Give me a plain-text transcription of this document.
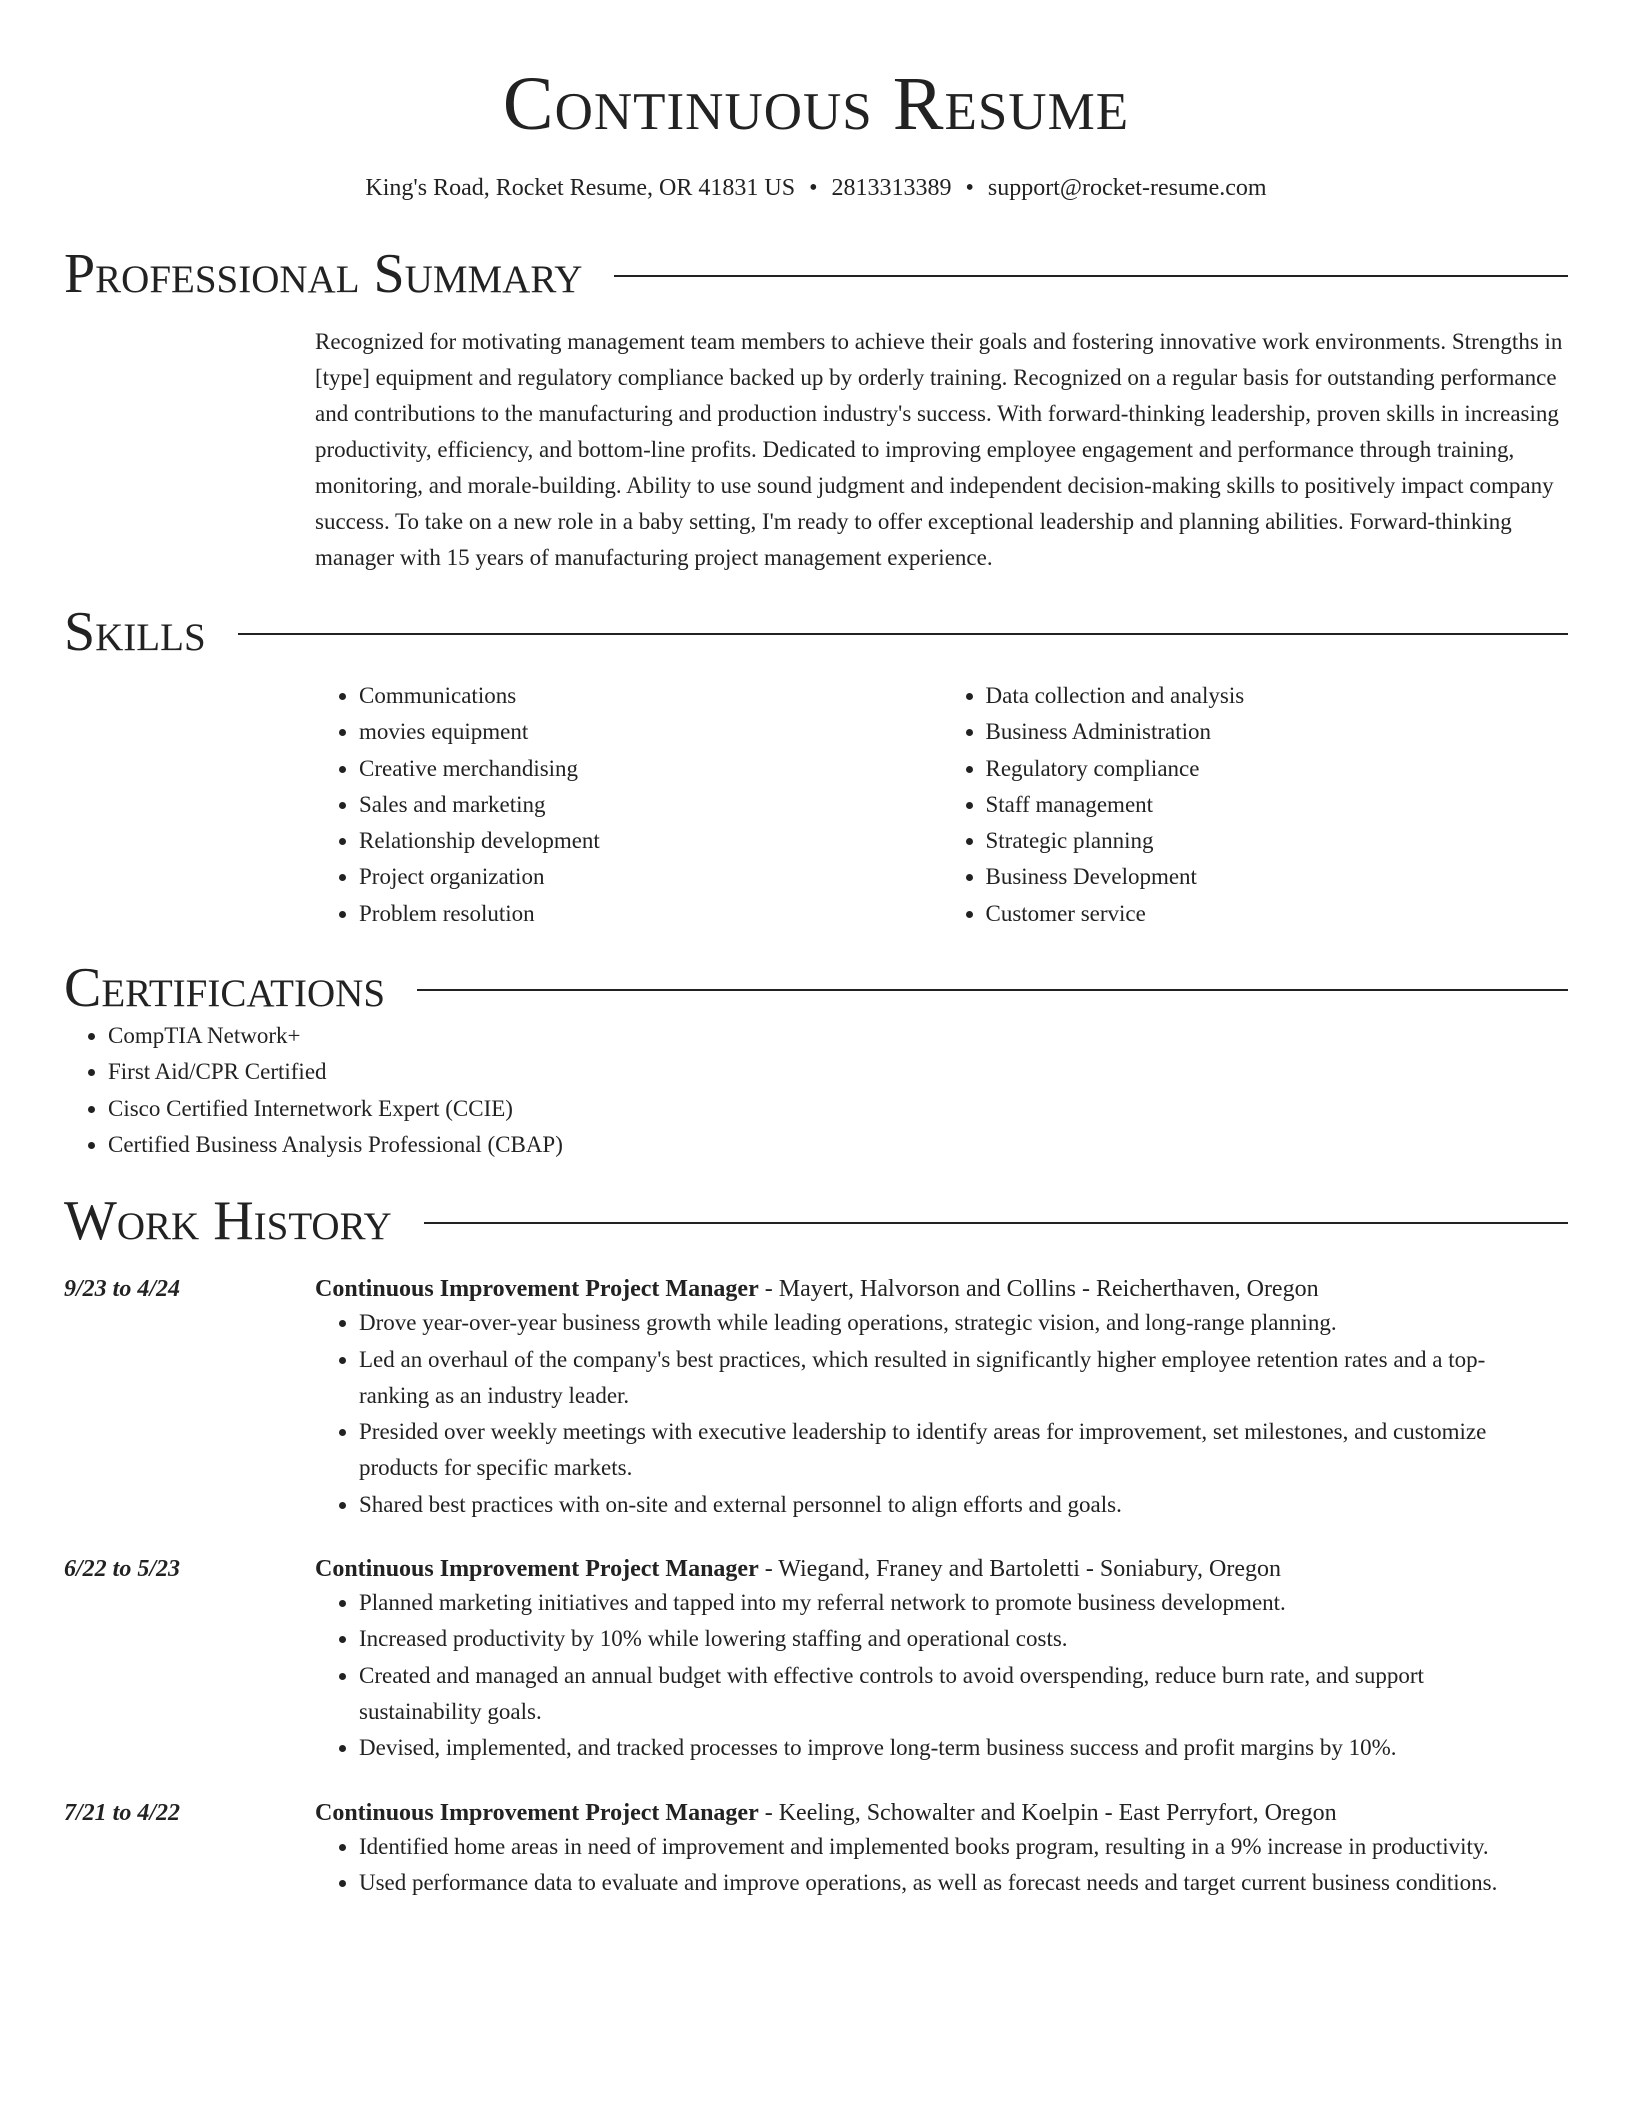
Continuous Resume
King's Road, Rocket Resume, OR 41831 US • 2813313389 • support@rocket-resume.com
Professional Summary

Recognized for motivating management team members to achieve their goals and fostering innovative work environments. Strengths in [type] equipment and regulatory compliance backed up by orderly training. Recognized on a regular basis for outstanding performance and contributions to the manufacturing and production industry's success. With forward-thinking leadership, proven skills in increasing productivity, efficiency, and bottom-line profits. Dedicated to improving employee engagement and performance through training, monitoring, and morale-building. Ability to use sound judgment and independent decision-making skills to positively impact company success. To take on a new role in a baby setting, I'm ready to offer exceptional leadership and planning abilities. Forward-thinking manager with 15 years of manufacturing project management experience.

Skills
• Communications
• movies equipment
• Creative merchandising
• Sales and marketing
• Relationship development
• Project organization
• Problem resolution
• Data collection and analysis
• Business Administration
• Regulatory compliance
• Staff management
• Strategic planning
• Business Development
• Customer service
Certifications
• CompTIA Network+
• First Aid/CPR Certified
• Cisco Certified Internetwork Expert (CCIE)
• Certified Business Analysis Professional (CBAP)
Work History
9/23 to 4/24	Continuous Improvement Project Manager - Mayert, Halvorson and Collins - Reicherthaven, Oregon

• Drove year-over-year business growth while leading operations, strategic vision, and long-range planning.
• Led an overhaul of the company's best practices, which resulted in significantly higher employee retention rates and a top-ranking as an industry leader.
• Presided over weekly meetings with executive leadership to identify areas for improvement, set milestones, and customize products for specific markets.
• Shared best practices with on-site and external personnel to align efforts and goals.
6/22 to 5/23	Continuous Improvement Project Manager - Wiegand, Franey and Bartoletti - Soniabury, Oregon

• Planned marketing initiatives and tapped into my referral network to promote business development.
• Increased productivity by 10% while lowering staffing and operational costs.
• Created and managed an annual budget with effective controls to avoid overspending, reduce burn rate, and support sustainability goals.
• Devised, implemented, and tracked processes to improve long-term business success and profit margins by 10%.
7/21 to 4/22	Continuous Improvement Project Manager - Keeling, Schowalter and Koelpin - East Perryfort, Oregon

• Identified home areas in need of improvement and implemented books program, resulting in a 9% increase in productivity.
• Used performance data to evaluate and improve operations, as well as forecast needs and target current business conditions.
